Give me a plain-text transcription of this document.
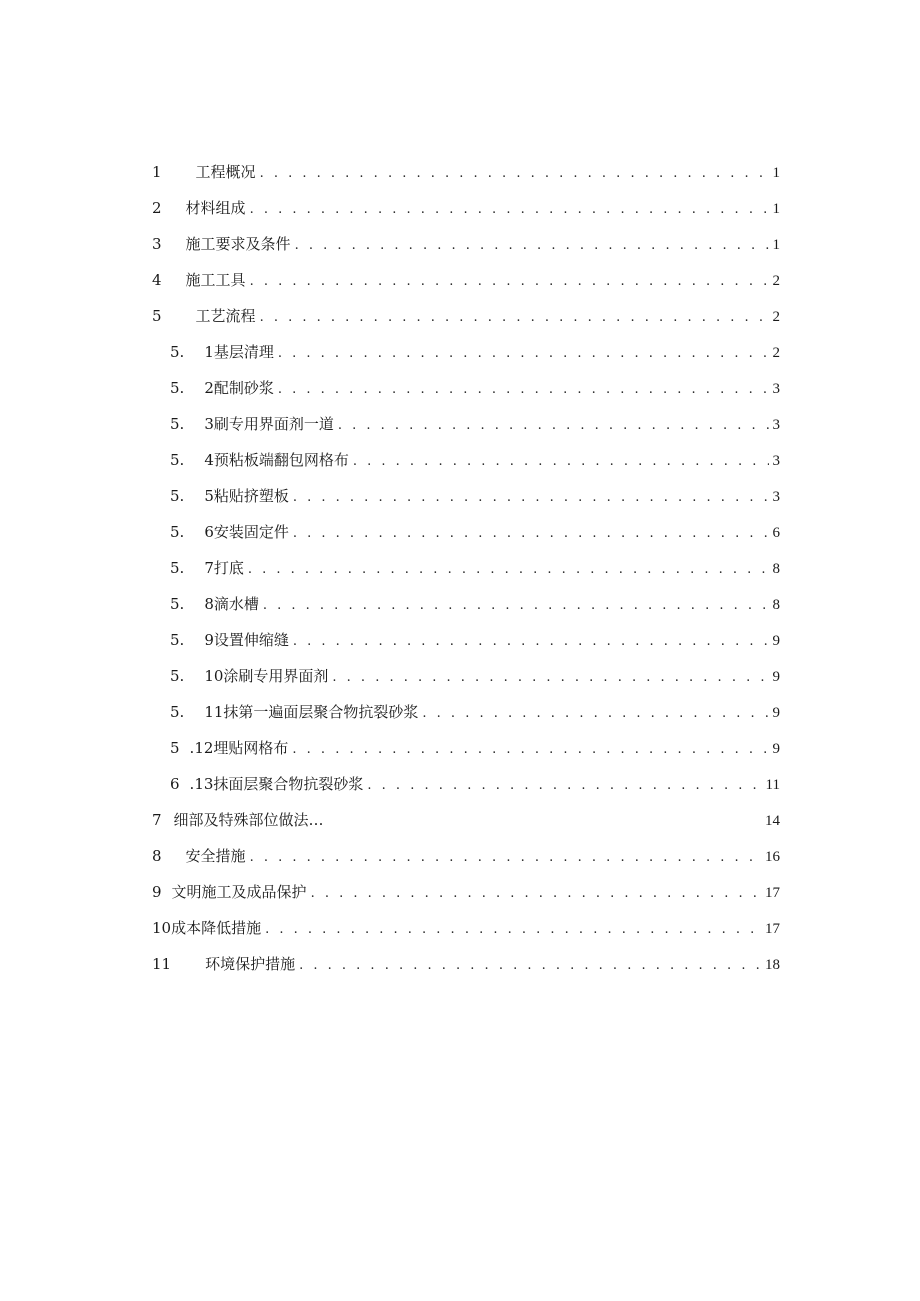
1 工程概况 . . .	1
2 材料组成 . . .	1
3 施工要求及条件 . . .	1
4 施工工具 . . .	2
5 工艺流程 . . .	2
5. 1基层清理 . . .	2
5. 2配制砂浆 . . .	3
5. 3刷专用界面剂一道 . . .	3
5. 4预粘板端翻包网格布 . . .	3
5. 5粘贴挤塑板 . . .	3
5. 6安装固定件 . . .	6
5. 7打底 . . .	8
5. 8滴水槽 . . .	8
5. 9设置伸缩缝 . . .	9
5. 10涂刷专用界面剂 . . .	9
5. 11抹第一遍面层聚合物抗裂砂浆 . . .	9
5 .12埋贴网格布 . . .	9
6 .13抹面层聚合物抗裂砂浆 . . .	11
7 细部及特殊部位做法…	14
8 安全措施 . . .	16
9 文明施工及成品保护 . . .	17
10 成本降低措施 . . .	17
11 环境保护措施 . . .	18
